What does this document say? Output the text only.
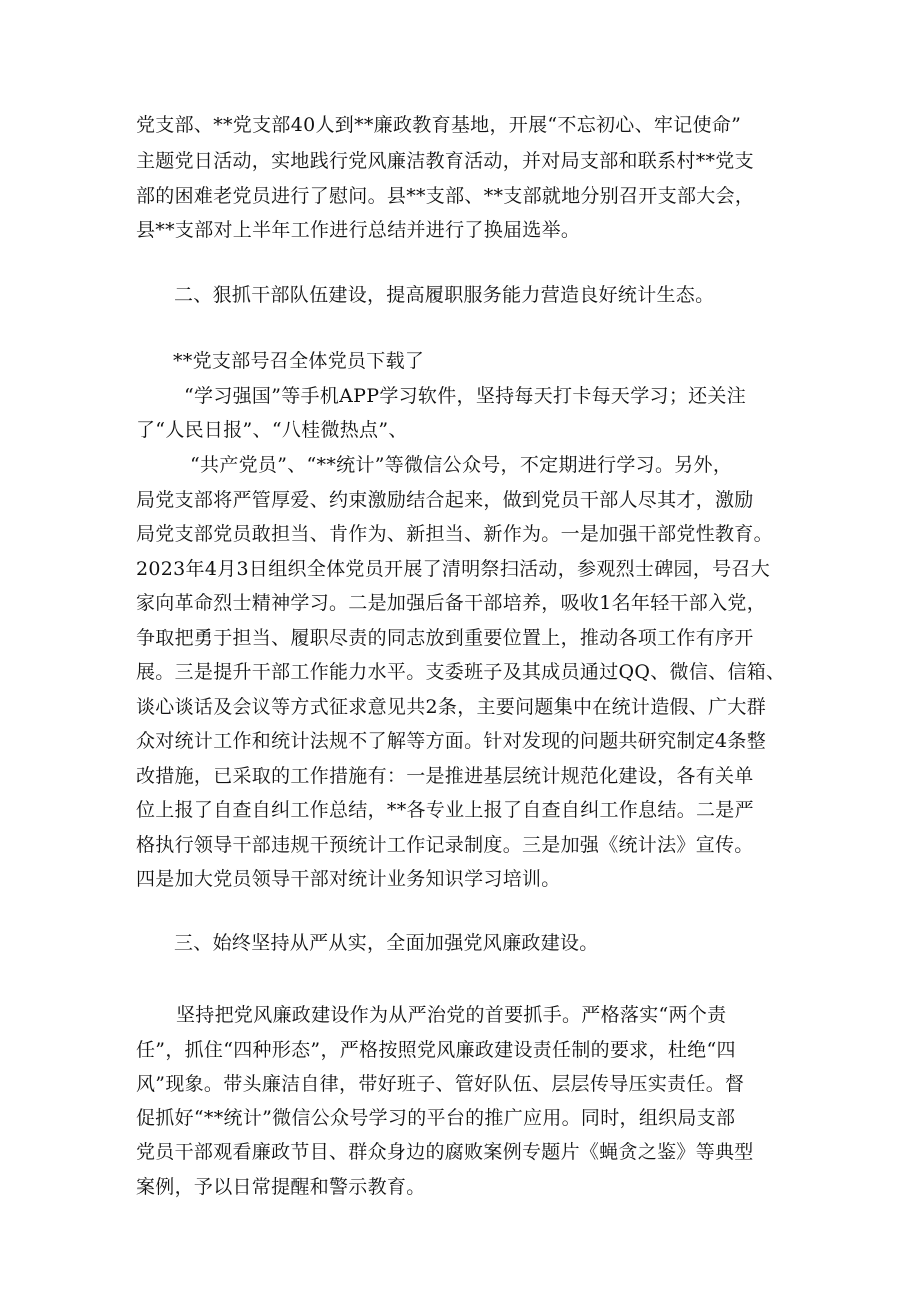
党支部、**党支部40人到**廉政教育基地，开展“不忘初心、牢记使命”
主题党日活动，实地践行党风廉洁教育活动，并对局支部和联系村**党支
部的困难老党员进行了慰问。县**支部、**支部就地分别召开支部大会，
县**支部对上半年工作进行总结并进行了换届选举。
二、狠抓干部队伍建设，提高履职服务能力营造良好统计生态。
**党支部号召全体党员下载了
“学习强国”等手机APP学习软件，坚持每天打卡每天学习；还关注
了“人民日报”、“八桂微热点”、
“共产党员”、“**统计”等微信公众号，不定期进行学习。另外，
局党支部将严管厚爱、约束激励结合起来，做到党员干部人尽其才，激励
局党支部党员敢担当、肯作为、新担当、新作为。一是加强干部党性教育。
2023年4月3日组织全体党员开展了清明祭扫活动，参观烈士碑园，号召大
家向革命烈士精神学习。二是加强后备干部培养，吸收1名年轻干部入党，
争取把勇于担当、履职尽责的同志放到重要位置上，推动各项工作有序开
展。三是提升干部工作能力水平。支委班子及其成员通过QQ、微信、信箱、
谈心谈话及会议等方式征求意见共2条，主要问题集中在统计造假、广大群
众对统计工作和统计法规不了解等方面。针对发现的问题共研究制定4条整
改措施，已采取的工作措施有：一是推进基层统计规范化建设，各有关单
位上报了自查自纠工作总结，**各专业上报了自查自纠工作息结。二是严
格执行领导干部违规干预统计工作记录制度。三是加强《统计法》宣传。
四是加大党员领导干部对统计业务知识学习培训。
三、始终坚持从严从实，全面加强党风廉政建设。
坚持把党风廉政建设作为从严治党的首要抓手。严格落实“两个责
任”，抓住“四种形态”，严格按照党风廉政建设责任制的要求，杜绝“四
风”现象。带头廉洁自律，带好班子、管好队伍、层层传导压实责任。督
促抓好“**统计”微信公众号学习的平台的推广应用。同时，组织局支部
党员干部观看廉政节目、群众身边的腐败案例专题片《蝇贪之鉴》等典型
案例，予以日常提醒和警示教育。
